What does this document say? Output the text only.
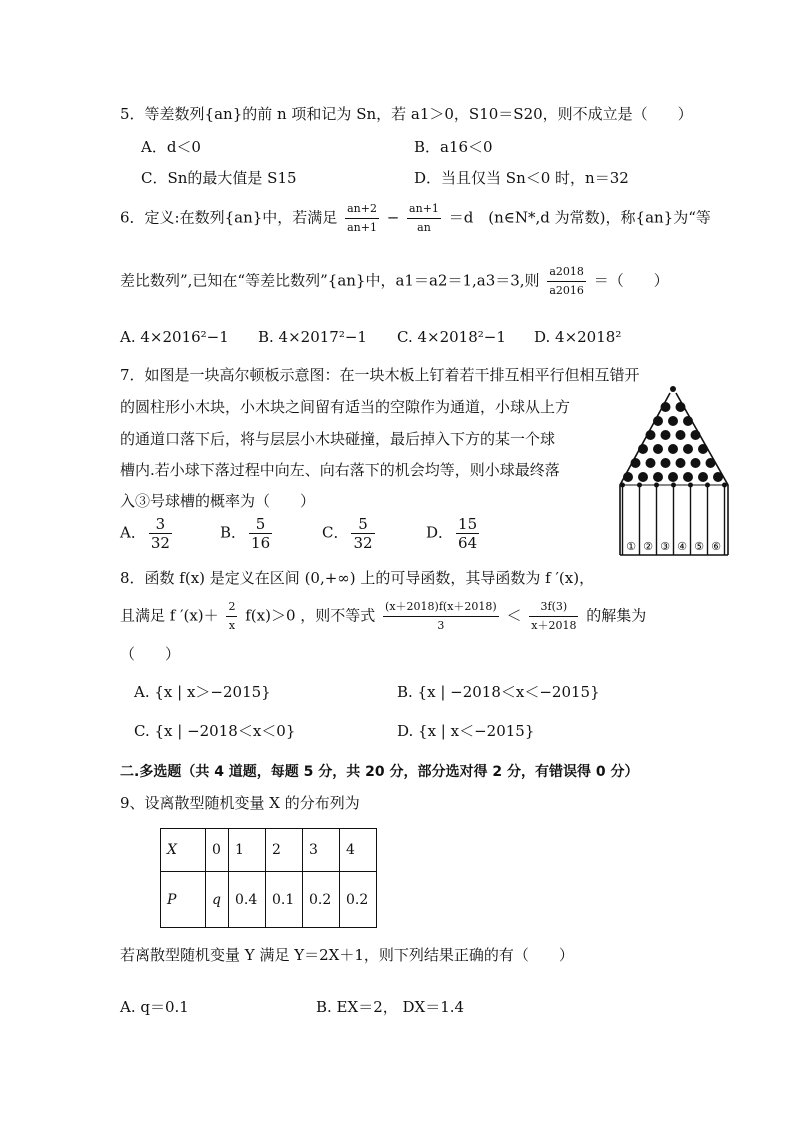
5．等差数列{an}的前 n 项和记为 Sn，若 a1＞0，S10＝S20，则不成立是（　　）
A．d＜0	B．a16＜0
C．Sn的最大值是 S15	D．当且仅当 Sn＜0 时，n＝32
6．定义:在数列{an}中，若满足 $\frac{an+2}{an+1} - \frac{an+1}{an} =d$　(n∈N*,d 为常数)，称{an}为“等
差比数列”,已知在“等差比数列”{an}中，a1＝a2＝1,a3＝3,则 $\frac{a2018}{a2016}$ ＝（　　）
A. 4×2016²−1 B. 4×2017²−1 C. 4×2018²−1 D. 4×2018²
7．如图是一块高尔顿板示意图：在一块木板上钉着若干排互相平行但相互错开
的圆柱形小木块，小木块之间留有适当的空隙作为通道，小球从上方
的通道口落下后，将与层层小木块碰撞，最后掉入下方的某一个球
槽内.若小球下落过程中向左、向右落下的机会均等，则小球最终落
入③号球槽的概率为（　　）
A． $\frac{3}{32}$	B． $\frac{5}{16}$	C． $\frac{5}{32}$	D． $\frac{15}{64}$	① ② ③ ④ ⑤ ⑥
8．函数 f(x) 是定义在区间 (0,+∞) 上的可导函数，其导函数为 f ′(x)，
且满足 f $'(x)+ \frac{2}{x} f(x)>0$ ，则不等式 $\frac{(x+2018)f(x+2018)}{3} < \frac{3f(3)}{x+2018}$ 的解集为
（　　）
A. {x | x＞−2015}	B. {x | −2018＜x＜−2015}
C. {x | −2018＜x＜0}	D. {x | x＜−2015}
二.多选题（共 4 道题，每题 5 分，共 20 分，部分选对得 2 分，有错误得 0 分）
9、设离散型随机变量 X 的分布列为
X	0	1	2	3	4
P	q	0.4	0.1	0.2	0.2
若离散型随机变量 Y 满足 Y＝2X＋1，则下列结果正确的有（　　）
A. q＝0.1	B. EX＝2， DX＝1.4
